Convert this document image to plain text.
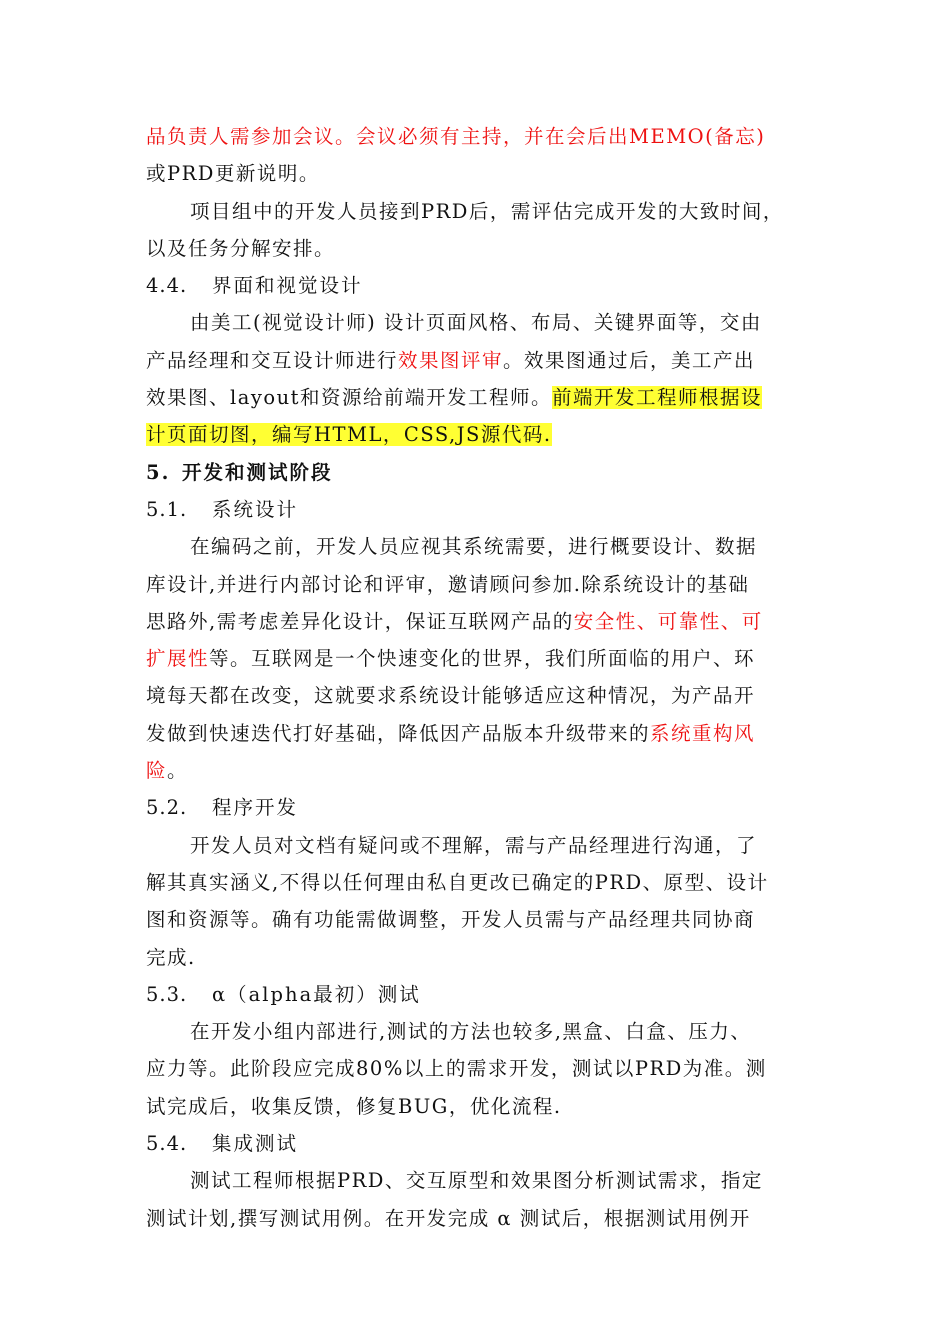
品负责人需参加会议。会议必须有主持，并在会后出MEMO(备忘)
或PRD更新说明。
项目组中的开发人员接到PRD后，需评估完成开发的大致时间，
以及任务分解安排。
4.4. 界面和视觉设计
由美工(视觉设计师) 设计页面风格、布局、关键界面等，交由
产品经理和交互设计师进行效果图评审。效果图通过后，美工产出
效果图、layout和资源给前端开发工程师。前端开发工程师根据设
计页面切图，编写HTML，CSS,JS源代码.
5. 开发和测试阶段
5.1. 系统设计
在编码之前，开发人员应视其系统需要，进行概要设计、数据
库设计,并进行内部讨论和评审，邀请顾问参加.除系统设计的基础
思路外,需考虑差异化设计，保证互联网产品的安全性、可靠性、可
扩展性等。互联网是一个快速变化的世界，我们所面临的用户、环
境每天都在改变，这就要求系统设计能够适应这种情况，为产品开
发做到快速迭代打好基础，降低因产品版本升级带来的系统重构风
险。
5.2. 程序开发
开发人员对文档有疑问或不理解，需与产品经理进行沟通，了
解其真实涵义,不得以任何理由私自更改已确定的PRD、原型、设计
图和资源等。确有功能需做调整，开发人员需与产品经理共同协商
完成.
5.3. α（alpha最初）测试
在开发小组内部进行,测试的方法也较多,黑盒、白盒、压力、
应力等。此阶段应完成80%以上的需求开发，测试以PRD为准。测
试完成后，收集反馈，修复BUG，优化流程.
5.4. 集成测试
测试工程师根据PRD、交互原型和效果图分析测试需求，指定
测试计划,撰写测试用例。在开发完成 α 测试后，根据测试用例开
